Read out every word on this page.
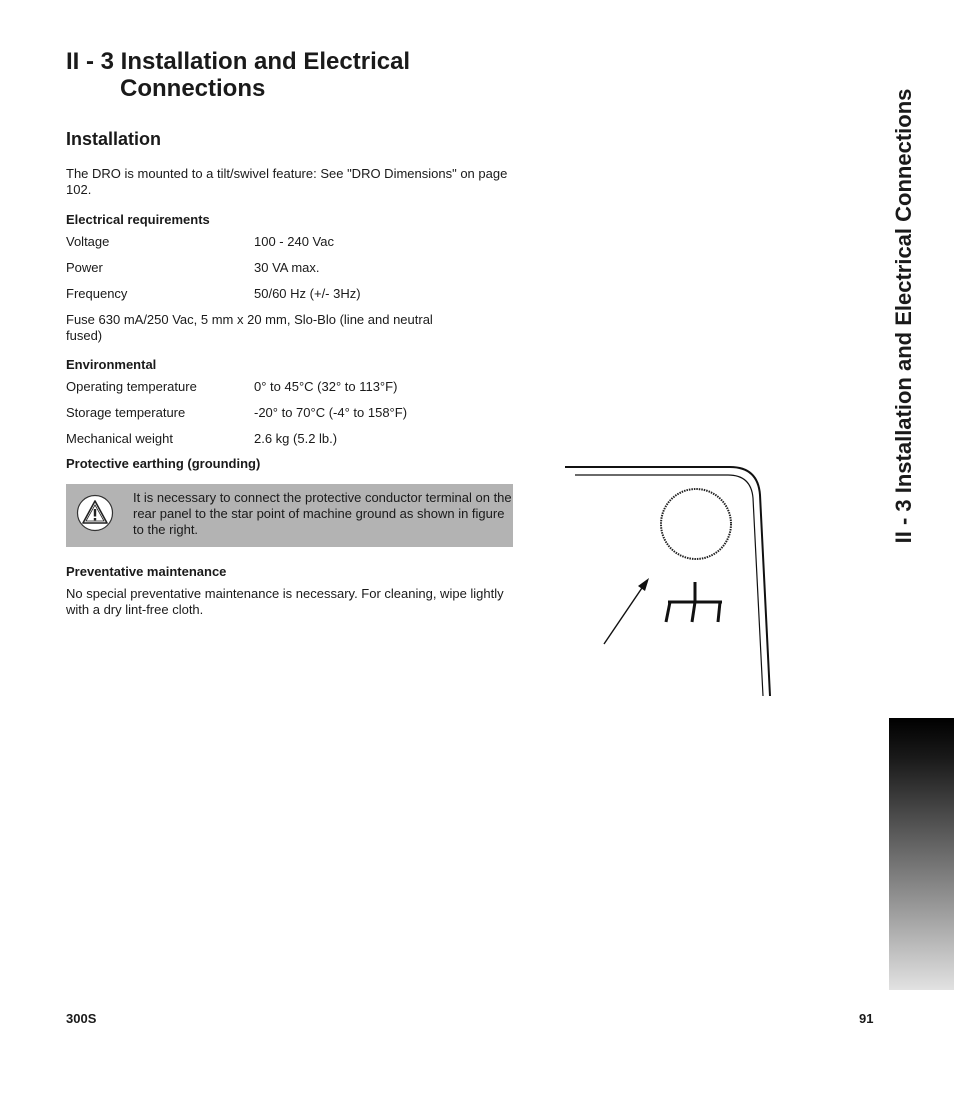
II - 3 Installation and Electrical
Connections
Installation
The DRO is mounted to a tilt/swivel feature: See "DRO Dimensions" on page 102.
Electrical requirements
Voltage	100 - 240 Vac
Power	30 VA max.
Frequency	50/60 Hz (+/- 3Hz)
Fuse 630 mA/250 Vac, 5 mm x 20 mm, Slo-Blo (line and neutral fused)
Environmental
Operating temperature	0° to 45°C (32° to 113°F)
Storage temperature	-20° to 70°C (-4° to 158°F)
Mechanical weight	2.6 kg (5.2 lb.)
Protective earthing (grounding)
It is necessary to connect the protective conductor terminal on the rear panel to the star point of machine ground as shown in figure to the right.
Preventative maintenance
No special preventative maintenance is necessary. For cleaning, wipe lightly with a dry lint-free cloth.
II - 3 Installation and Electrical Connections
300S	91
